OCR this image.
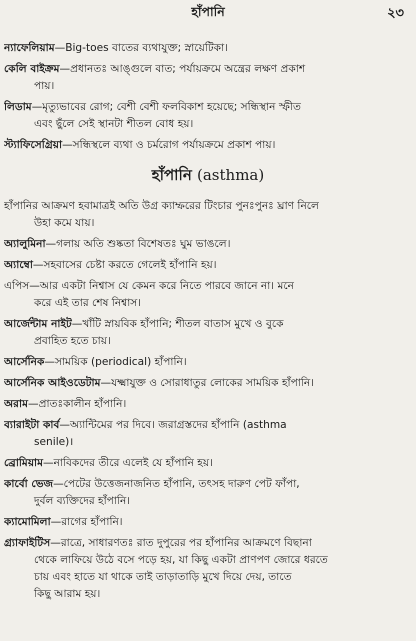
হাঁপানি	২৩
ন্যাফেলিয়াম—Big-toes বাতের ব্যথাযুক্ত; স্নায়েটিকা।
কেলি বাইক্রম—প্রধানতঃ আঙ্গুলে বাত; পর্যায়ক্রমে অন্ত্রের লক্ষণ প্রকাশ
পায়।
লিডাম—মৃত্যুভাবের রোগ; বেশী বেশী ফলবিকাশ হয়েছে; সন্ধিস্থান স্ফীত
এবং ছুঁলে সেই স্থানটা শীতল বোধ হয়।
স্ট্যাফিসেগ্রিয়া—সন্ধিস্থলে ব্যথা ও চর্মরোগ পর্যায়ক্রমে প্রকাশ পায়।
হাঁপানি (asthma)
হাঁপানির আক্রমণ হবামাত্রই অতি উগ্র ক্যাম্ফরের টিংচার পুনঃপুনঃ ঘ্রাণ নিলে
উহা কমে যায়।
অ্যালুমিনা—গলায় অতি শুষ্কতা বিশেষতঃ ঘুম ভাঙলে।
অ্যাম্বো—সহবাসের চেষ্টা করতে গেলেই হাঁপানি হয়।
এপিস—আর একটা নিশ্বাস যে কেমন করে নিতে পারবে জানে না। মনে
করে এই তার শেষ নিশ্বাস।
আর্জেন্টাম নাইট—খাঁটি স্নায়বিক হাঁপানি; শীতল বাতাস মুখে ও বুকে
প্রবাহিত হতে চায়।
আর্সেনিক—সাময়িক (periodical) হাঁপানি।
আর্সেনিক আইওডেটাম—যক্ষ্মাযুক্ত ও সোরাধাতুর লোকের সাময়িক হাঁপানি।
অরাম—প্রাতঃকালীন হাঁপানি।
ব্যারাইটা কার্ব—অ্যান্টিমের পর দিবে। জরাগ্রস্তদের হাঁপানি (asthma
senile)।
ব্রোমিয়াম—নাবিকদের তীরে এলেই যে হাঁপানি হয়।
কার্বো ভেজ—পেটের উত্তেজনাজনিত হাঁপানি, তৎসহ দারুণ পেট ফাঁপা,
দুর্বল ব্যক্তিদের হাঁপানি।
ক্যামোমিলা—রাগের হাঁপানি।
গ্র্যাফাইটিস—রাত্রে, সাধারণতঃ রাত দুপুরের পর হাঁপানির আক্রমণে বিছানা
থেকে লাফিয়ে উঠে বসে পড়ে হয়, যা কিছু একটা প্রাণপণ জোরে ধরতে
চায় এবং হাতে যা থাকে তাই তাড়াতাড়ি মুখে দিয়ে দেয়, তাতে
কিছু আরাম হয়।
